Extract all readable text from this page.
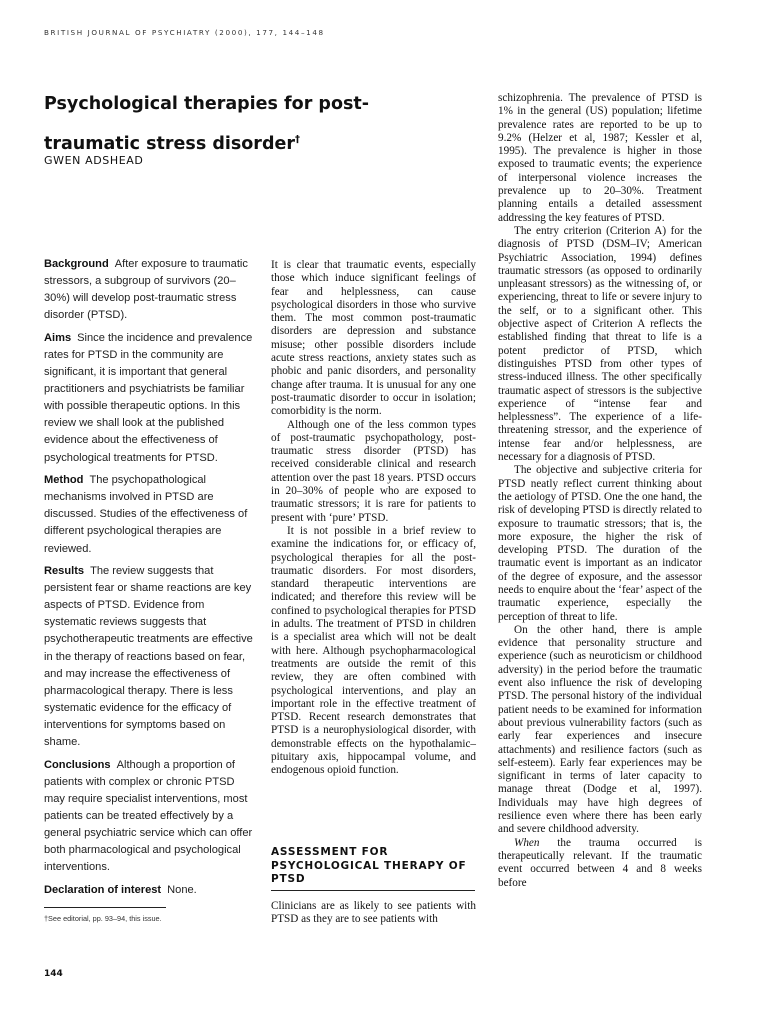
BRITISH JOURNAL OF PSYCHIATRY (2000), 177, 144–148
Psychological therapies for post-traumatic stress disorder†
GWEN ADSHEAD

Background After exposure to traumatic stressors, a subgroup of survivors (20–30%) will develop post-traumatic stress disorder (PTSD).

Aims Since the incidence and prevalence rates for PTSD in the community are significant, it is important that general practitioners and psychiatrists be familiar with possible therapeutic options. In this review we shall look at the published evidence about the effectiveness of psychological treatments for PTSD.

Method The psychopathological mechanisms involved in PTSD are discussed. Studies of the effectiveness of different psychological therapies are reviewed.

Results The review suggests that persistent fear or shame reactions are key aspects of PTSD. Evidence from systematic reviews suggests that psychotherapeutic treatments are effective in the therapy of reactions based on fear, and may increase the effectiveness of pharmacological therapy. There is less systematic evidence for the efficacy of interventions for symptoms based on shame.

Conclusions Although a proportion of patients with complex or chronic PTSD may require specialist interventions, most patients can be treated effectively by a general psychiatric service which can offer both pharmacological and psychological interventions.

Declaration of interest None.

†See editorial, pp. 93–94, this issue.
144

It is clear that traumatic events, especially those which induce significant feelings of fear and helplessness, can cause psychological disorders in those who survive them. The most common post-traumatic disorders are depression and substance misuse; other possible disorders include acute stress reactions, anxiety states such as phobic and panic disorders, and personality change after trauma. It is unusual for any one post-traumatic disorder to occur in isolation; comorbidity is the norm.

Although one of the less common types of post-traumatic psychopathology, post-traumatic stress disorder (PTSD) has received considerable clinical and research attention over the past 18 years. PTSD occurs in 20–30% of people who are exposed to traumatic stressors; it is rare for patients to present with ‘pure’ PTSD.

It is not possible in a brief review to examine the indications for, or efficacy of, psychological therapies for all the post-traumatic disorders. For most disorders, standard therapeutic interventions are indicated; and therefore this review will be confined to psychological therapies for PTSD in adults. The treatment of PTSD in children is a specialist area which will not be dealt with here. Although psychopharmacological treatments are outside the remit of this review, they are often combined with psychological interventions, and play an important role in the effective treatment of PTSD. Recent research demonstrates that PTSD is a neurophysiological disorder, with demonstrable effects on the hypothalamic–pituitary axis, hippocampal volume, and endogenous opioid function.

ASSESSMENT FOR PSYCHOLOGICAL THERAPY OF PTSD

Clinicians are as likely to see patients with PTSD as they are to see patients with

schizophrenia. The prevalence of PTSD is 1% in the general (US) population; lifetime prevalence rates are reported to be up to 9.2% (Helzer et al, 1987; Kessler et al, 1995). The prevalence is higher in those exposed to traumatic events; the experience of interpersonal violence increases the prevalence up to 20–30%. Treatment planning entails a detailed assessment addressing the key features of PTSD.

The entry criterion (Criterion A) for the diagnosis of PTSD (DSM–IV; American Psychiatric Association, 1994) defines traumatic stressors (as opposed to ordinarily unpleasant stressors) as the witnessing of, or experiencing, threat to life or severe injury to the self, or to a significant other. This objective aspect of Criterion A reflects the established finding that threat to life is a potent predictor of PTSD, which distinguishes PTSD from other types of stress-induced illness. The other specifically traumatic aspect of stressors is the subjective experience of “intense fear and helplessness”. The experience of a life-threatening stressor, and the experience of intense fear and/or helplessness, are necessary for a diagnosis of PTSD.

The objective and subjective criteria for PTSD neatly reflect current thinking about the aetiology of PTSD. One the one hand, the risk of developing PTSD is directly related to exposure to traumatic stressors; that is, the more exposure, the higher the risk of developing PTSD. The duration of the traumatic event is important as an indicator of the degree of exposure, and the assessor needs to enquire about the ‘fear’ aspect of the traumatic experience, especially the perception of threat to life.

On the other hand, there is ample evidence that personality structure and experience (such as neuroticism or childhood adversity) in the period before the traumatic event also influence the risk of developing PTSD. The personal history of the individual patient needs to be examined for information about previous vulnerability factors (such as early fear experiences and insecure attachments) and resilience factors (such as self-esteem). Early fear experiences may be significant in terms of later capacity to manage threat (Dodge et al, 1997). Individuals may have high degrees of resilience even where there has been early and severe childhood adversity.

When the trauma occurred is therapeutically relevant. If the traumatic event occurred between 4 and 8 weeks before
